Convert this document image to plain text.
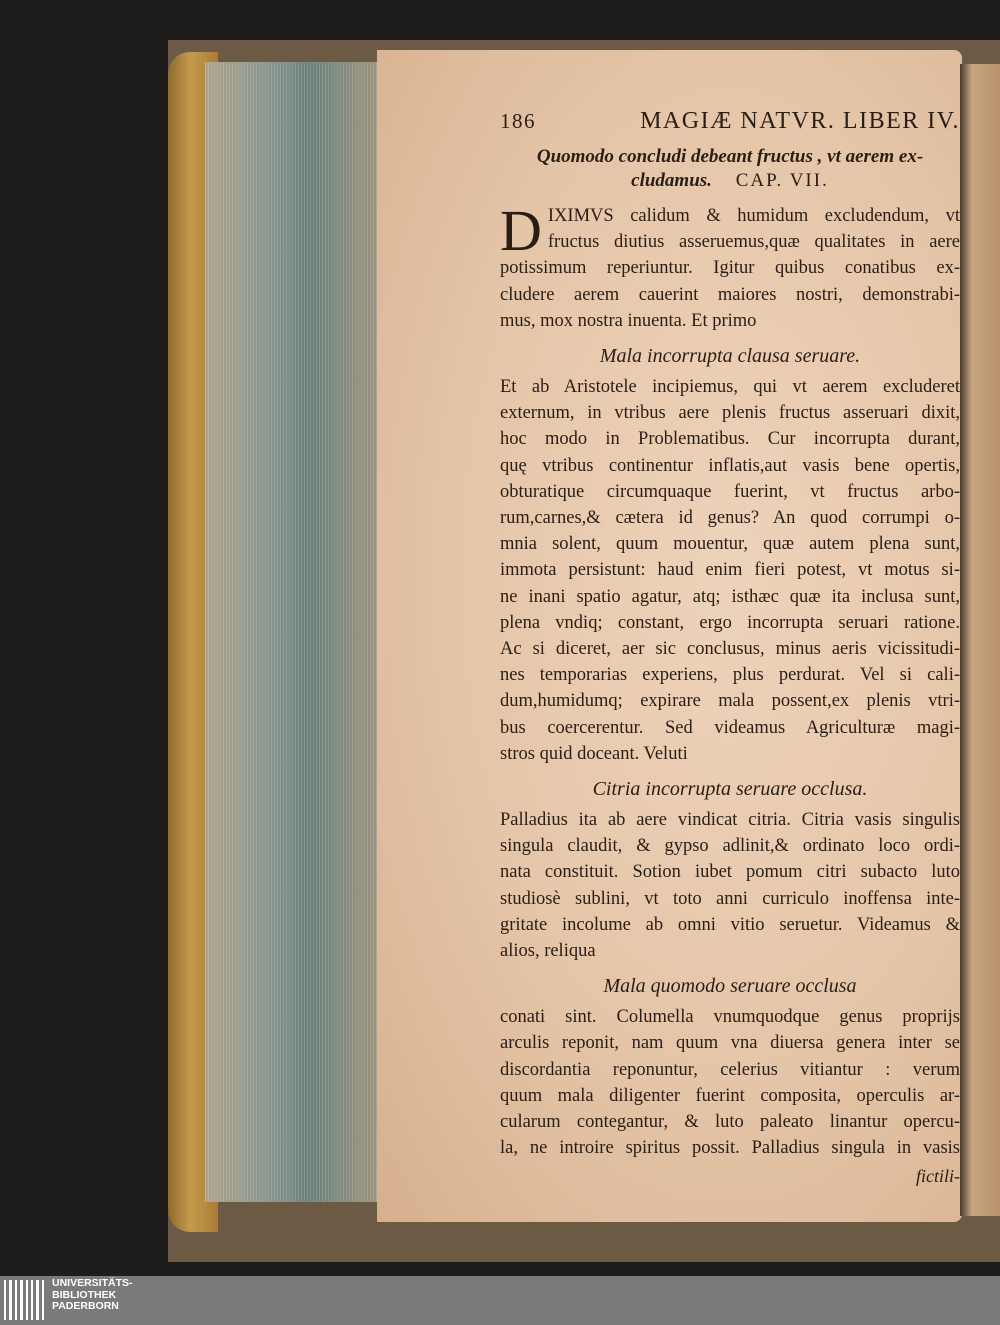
186	MAGIÆ NATVR. LIBER IV.
Quomodo concludi debeant fructus , vt aerem ex-
cludamus. CAP. VII.
D IXIMVS calidum & humidum excludendum, vt
fructus diutius asseruemus,quæ qualitates in aere
potissimum reperiuntur. Igitur quibus conatibus ex-
cludere aerem cauerint maiores nostri, demonstrabi-
mus, mox nostra inuenta. Et primo
Mala incorrupta clausa seruare.
Et ab Aristotele incipiemus, qui vt aerem excluderet
externum, in vtribus aere plenis fructus asseruari dixit,
hoc modo in Problematibus. Cur incorrupta durant,
quę vtribus continentur inflatis,aut vasis bene opertis,
obturatique circumquaque fuerint, vt fructus arbo-
rum,carnes,& cætera id genus? An quod corrumpi o-
mnia solent, quum mouentur, quæ autem plena sunt,
immota persistunt: haud enim fieri potest, vt motus si-
ne inani spatio agatur, atq; isthæc quæ ita inclusa sunt,
plena vndiq; constant, ergo incorrupta seruari ratione.
Ac si diceret, aer sic conclusus, minus aeris vicissitudi-
nes temporarias experiens, plus perdurat. Vel si cali-
dum,humidumq; expirare mala possent,ex plenis vtri-
bus coercerentur. Sed videamus Agriculturæ magi-
stros quid doceant. Veluti
Citria incorrupta seruare occlusa.
Palladius ita ab aere vindicat citria. Citria vasis singulis
singula claudit, & gypso adlinit,& ordinato loco ordi-
nata constituit. Sotion iubet pomum citri subacto luto
studiosè sublini, vt toto anni curriculo inoffensa inte-
gritate incolume ab omni vitio seruetur. Videamus &
alios, reliqua
Mala quomodo seruare occlusa
conati sint. Columella vnumquodque genus proprijs
arculis reponit, nam quum vna diuersa genera inter se
discordantia reponuntur, celerius vitiantur : verum
quum mala diligenter fuerint composita, operculis ar-
cularum contegantur, & luto paleato linantur opercu-
la, ne introire spiritus possit. Palladius singula in vasis
fictili-
UNIVERSITÄTS-
BIBLIOTHEK
PADERBORN
